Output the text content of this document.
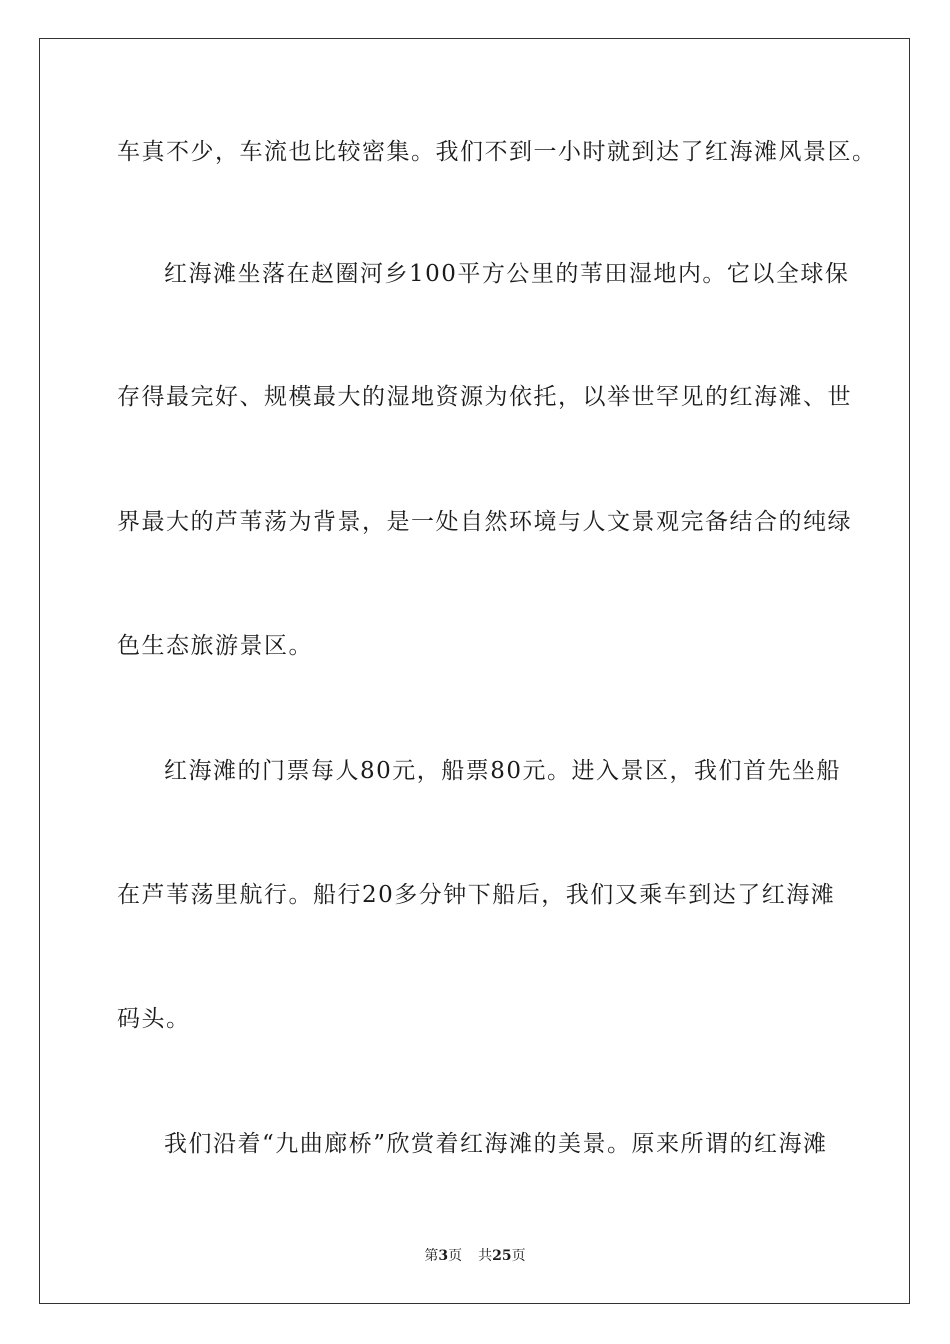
车真不少，车流也比较密集。我们不到一小时就到达了红海滩风景区。
红海滩坐落在赵圈河乡100平方公里的苇田湿地内。它以全球保
存得最完好、规模最大的湿地资源为依托，以举世罕见的红海滩、世
界最大的芦苇荡为背景，是一处自然环境与人文景观完备结合的纯绿
色生态旅游景区。
红海滩的门票每人80元，船票80元。进入景区，我们首先坐船
在芦苇荡里航行。船行20多分钟下船后，我们又乘车到达了红海滩
码头。
我们沿着“九曲廊桥”欣赏着红海滩的美景。原来所谓的红海滩
第3页 共25页
